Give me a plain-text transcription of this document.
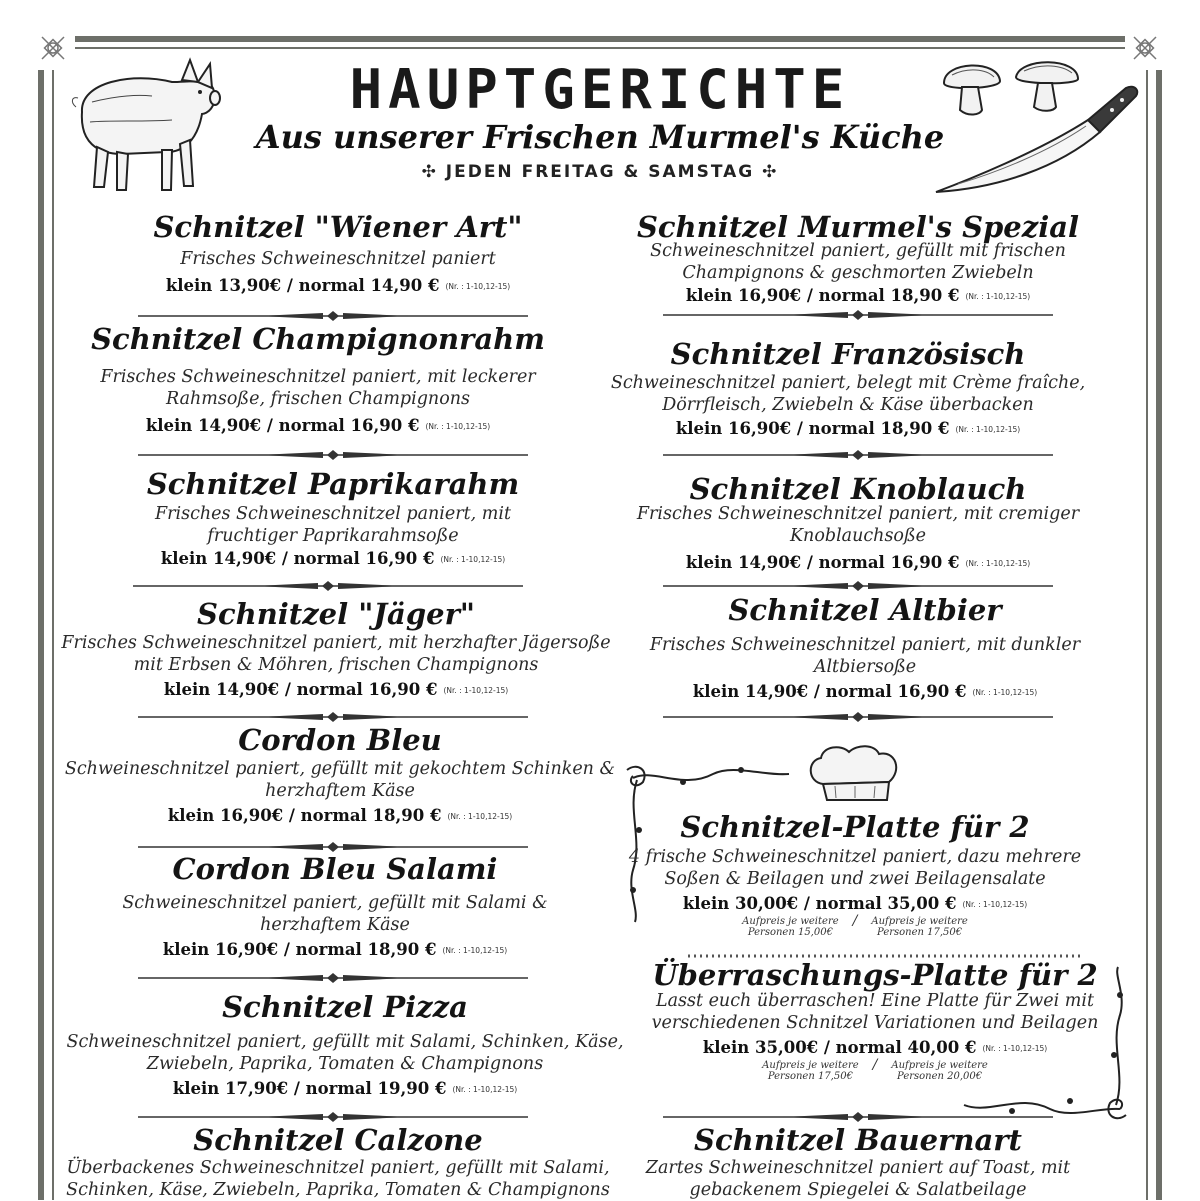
HAUPTGERICHTE
Aus unserer Frischen Murmel's Küche
✣ JEDEN FREITAG & SAMSTAG ✣
Schnitzel "Wiener Art"
Frisches Schweineschnitzel paniert
klein 13,90€ / normal 14,90 € (Nr. : 1-10,12-15)
Schnitzel Champignonrahm
Frisches Schweineschnitzel paniert, mit leckerer
Rahmsoße, frischen Champignons
klein 14,90€ / normal 16,90 € (Nr. : 1-10,12-15)
Schnitzel Paprikarahm
Frisches Schweineschnitzel paniert, mit
fruchtiger Paprikarahmsoße
klein 14,90€ / normal 16,90 € (Nr. : 1-10,12-15)
Schnitzel "Jäger"
Frisches Schweineschnitzel paniert, mit herzhafter Jägersoße
mit Erbsen & Möhren, frischen Champignons
klein 14,90€ / normal 16,90 € (Nr. : 1-10,12-15)
Cordon Bleu
Schweineschnitzel paniert, gefüllt mit gekochtem Schinken &
herzhaftem Käse
klein 16,90€ / normal 18,90 € (Nr. : 1-10,12-15)
Cordon Bleu Salami
Schweineschnitzel paniert, gefüllt mit Salami &
herzhaftem Käse
klein 16,90€ / normal 18,90 € (Nr. : 1-10,12-15)
Schnitzel Pizza
Schweineschnitzel paniert, gefüllt mit Salami, Schinken, Käse,
Zwiebeln, Paprika, Tomaten & Champignons
klein 17,90€ / normal 19,90 € (Nr. : 1-10,12-15)
Schnitzel Calzone
Überbackenes Schweineschnitzel paniert, gefüllt mit Salami,
Schinken, Käse, Zwiebeln, Paprika, Tomaten & Champignons
Schnitzel Murmel's Spezial
Schweineschnitzel paniert, gefüllt mit frischen
Champignons & geschmorten Zwiebeln
klein 16,90€ / normal 18,90 € (Nr. : 1-10,12-15)
Schnitzel Französisch
Schweineschnitzel paniert, belegt mit Crème fraîche,
Dörrfleisch, Zwiebeln & Käse überbacken
klein 16,90€ / normal 18,90 € (Nr. : 1-10,12-15)
Schnitzel Knoblauch
Frisches Schweineschnitzel paniert, mit cremiger
Knoblauchsoße
klein 14,90€ / normal 16,90 € (Nr. : 1-10,12-15)
Schnitzel Altbier
Frisches Schweineschnitzel paniert, mit dunkler
Altbiersoße
klein 14,90€ / normal 16,90 € (Nr. : 1-10,12-15)
Schnitzel-Platte für 2
4 frische Schweineschnitzel paniert, dazu mehrere
Soßen & Beilagen und zwei Beilagensalate
klein 30,00€ / normal 35,00 € (Nr. : 1-10,12-15)
Aufpreis je weitere
Personen 15,00€
/ Aufpreis je weitere
Personen 17,50€
Überraschungs-Platte für 2
Lasst euch überraschen! Eine Platte für Zwei mit
verschiedenen Schnitzel Variationen und Beilagen
klein 35,00€ / normal 40,00 € (Nr. : 1-10,12-15)
Aufpreis je weitere
Personen 17,50€
/ Aufpreis je weitere
Personen 20,00€
Schnitzel Bauernart
Zartes Schweineschnitzel paniert auf Toast, mit
gebackenem Spiegelei & Salatbeilage
